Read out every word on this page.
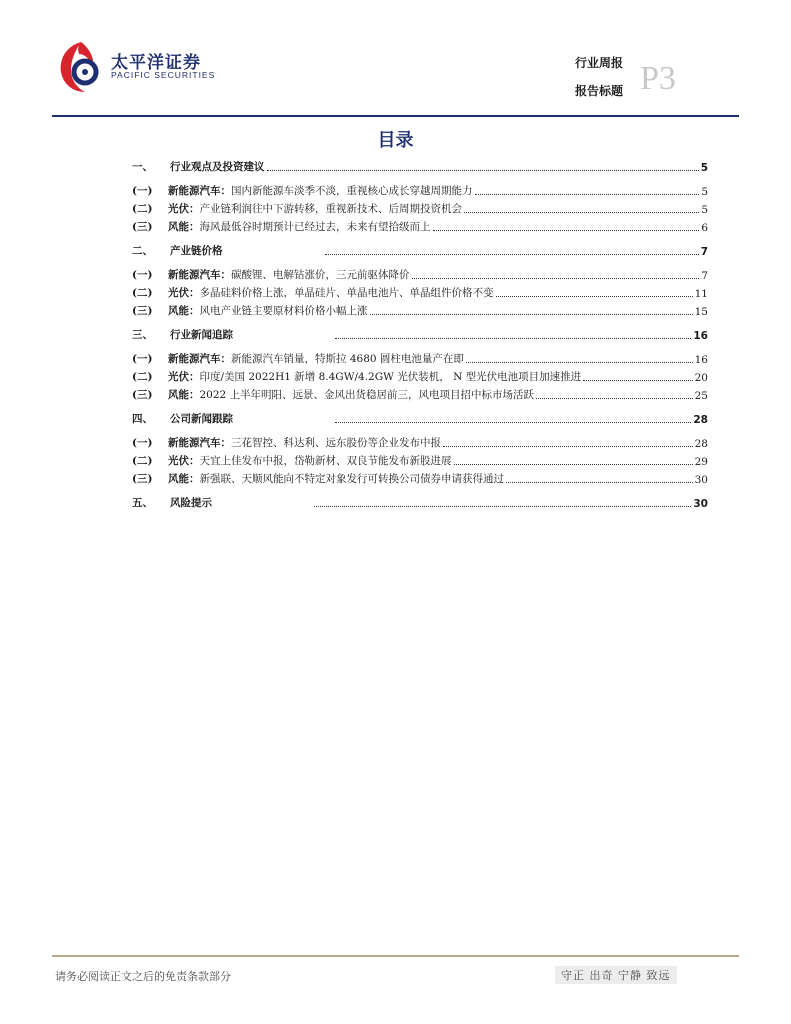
太平洋证券
PACIFIC SECURITIES
行业周报
报告标题 P3
目录
一、	行业观点及投资建议	5
(一)	新能源汽车：国内新能源车淡季不淡，重视核心成长穿越周期能力	5
(二)	光伏：产业链利润往中下游转移，重视新技术、后周期投资机会	5
(三)	风能：海风最低谷时期预计已经过去，未来有望拾级而上	6
二、	产业链价格	7
(一)	新能源汽车：碳酸锂、电解钴涨价，三元前驱体降价	7
(二)	光伏：多晶硅料价格上涨，单晶硅片、单晶电池片、单晶组件价格不变	11
(三)	风能：风电产业链主要原材料价格小幅上涨	15
三、	行业新闻追踪	16
(一)	新能源汽车：新能源汽车销量，特斯拉 4680 圆柱电池量产在即	16
(二)	光伏：印度/美国 2022H1 新增 8.4GW/4.2GW 光伏装机， N 型光伏电池项目加速推进	20
(三)	风能：2022 上半年明阳、远景、金风出货稳居前三，风电项目招中标市场活跃	25
四、	公司新闻跟踪	28
(一)	新能源汽车：三花智控、科达利、远东股份等企业发布中报	28
(二)	光伏：天宜上佳发布中报，岱勒新材、双良节能发布新股进展	29
(三)	风能：新强联、天顺风能向不特定对象发行可转换公司债券申请获得通过	30
五、	风险提示	30
请务必阅读正文之后的免责条款部分	守正 出奇 宁静 致远
